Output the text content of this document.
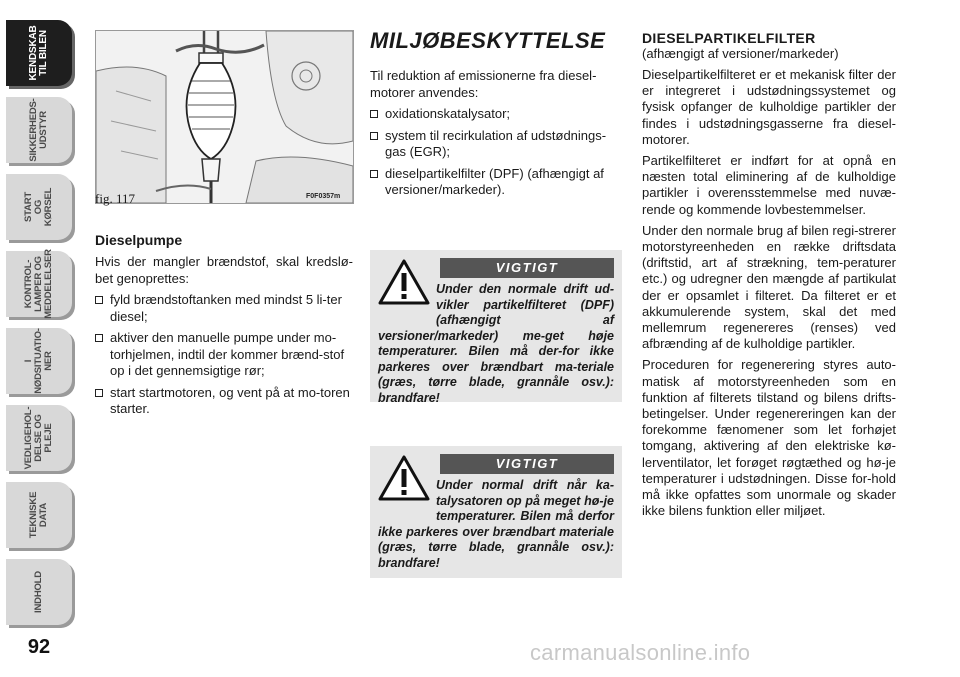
KENDSKAB
TIL BILEN
SIKKERHEDS-
UDSTYR
START OG
KØRSEL
KONTROL-
LAMPER OG
MEDDELELSER
I
NØDSITUATIO-
NER
VEDLIGEHOL-
DELSE OG PLEJE
TEKNISKE
DATA
INDHOLD
92
fig. 117	F0F0357m
Dieselpumpe

Hvis der mangler brændstof, skal kredslø-bet genoprettes:

fyld brændstoftanken med mindst 5 li-ter diesel;
aktiver den manuelle pumpe under mo-torhjelmen, indtil der kommer brænd-stof op i det gennemsigtige rør;
start startmotoren, og vent på at mo-toren starter.
MILJØBESKYTTELSE

Til reduktion af emissionerne fra diesel-motorer anvendes:

oxidationskatalysator;
system til recirkulation af udstødnings-gas (EGR);
dieselpartikelfilter (DPF) (afhængigt af versioner/markeder).
VIGTIGT
Under den normale drift ud-vikler partikelfilteret (DPF) (afhængigt af versioner/markeder) me-get høje temperaturer. Bilen må der-for ikke parkeres over brændbart ma-teriale (græs, tørre blade, grannåle osv.): brandfare!
VIGTIGT
Under normal drift når ka-talysatoren op på meget hø-je temperaturer. Bilen må derfor ikke parkeres over brændbart materiale (græs, tørre blade, grannåle osv.): brandfare!
DIESELPARTIKELFILTER
(afhængigt af versioner/markeder)

Dieselpartikelfilteret er et mekanisk filter der er integreret i udstødningssystemet og fysisk opfanger de kulholdige partikler der findes i udstødningsgasserne fra diesel-motorer.

Partikelfilteret er indført for at opnå en næsten total eliminering af de kulholdige partikler i overensstemmelse med nuvæ-rende og kommende lovbestemmelser.

Under den normale brug af bilen regi-strerer motorstyreenheden en række driftsdata (driftstid, art af strækning, tem-peraturer etc.) og udregner den mængde af partikulat der er opsamlet i filteret. Da filteret er et akkumulerende system, skal det med mellemrum regenereres (renses) ved afbrænding af de kulholdige partikler.

Proceduren for regenerering styres auto-matisk af motorstyreenheden som en funktion af filterets tilstand og bilens drifts-betingelser. Under regenereringen kan der forekomme fænomener som let forhøjet tomgang, aktivering af den elektriske kø-lerventilator, let forøget røgtæthed og hø-je temperaturer i udstødningen. Disse for-hold må ikke opfattes som unormale og skader ikke bilens funktion eller miljøet.

carmanualsonline.info
